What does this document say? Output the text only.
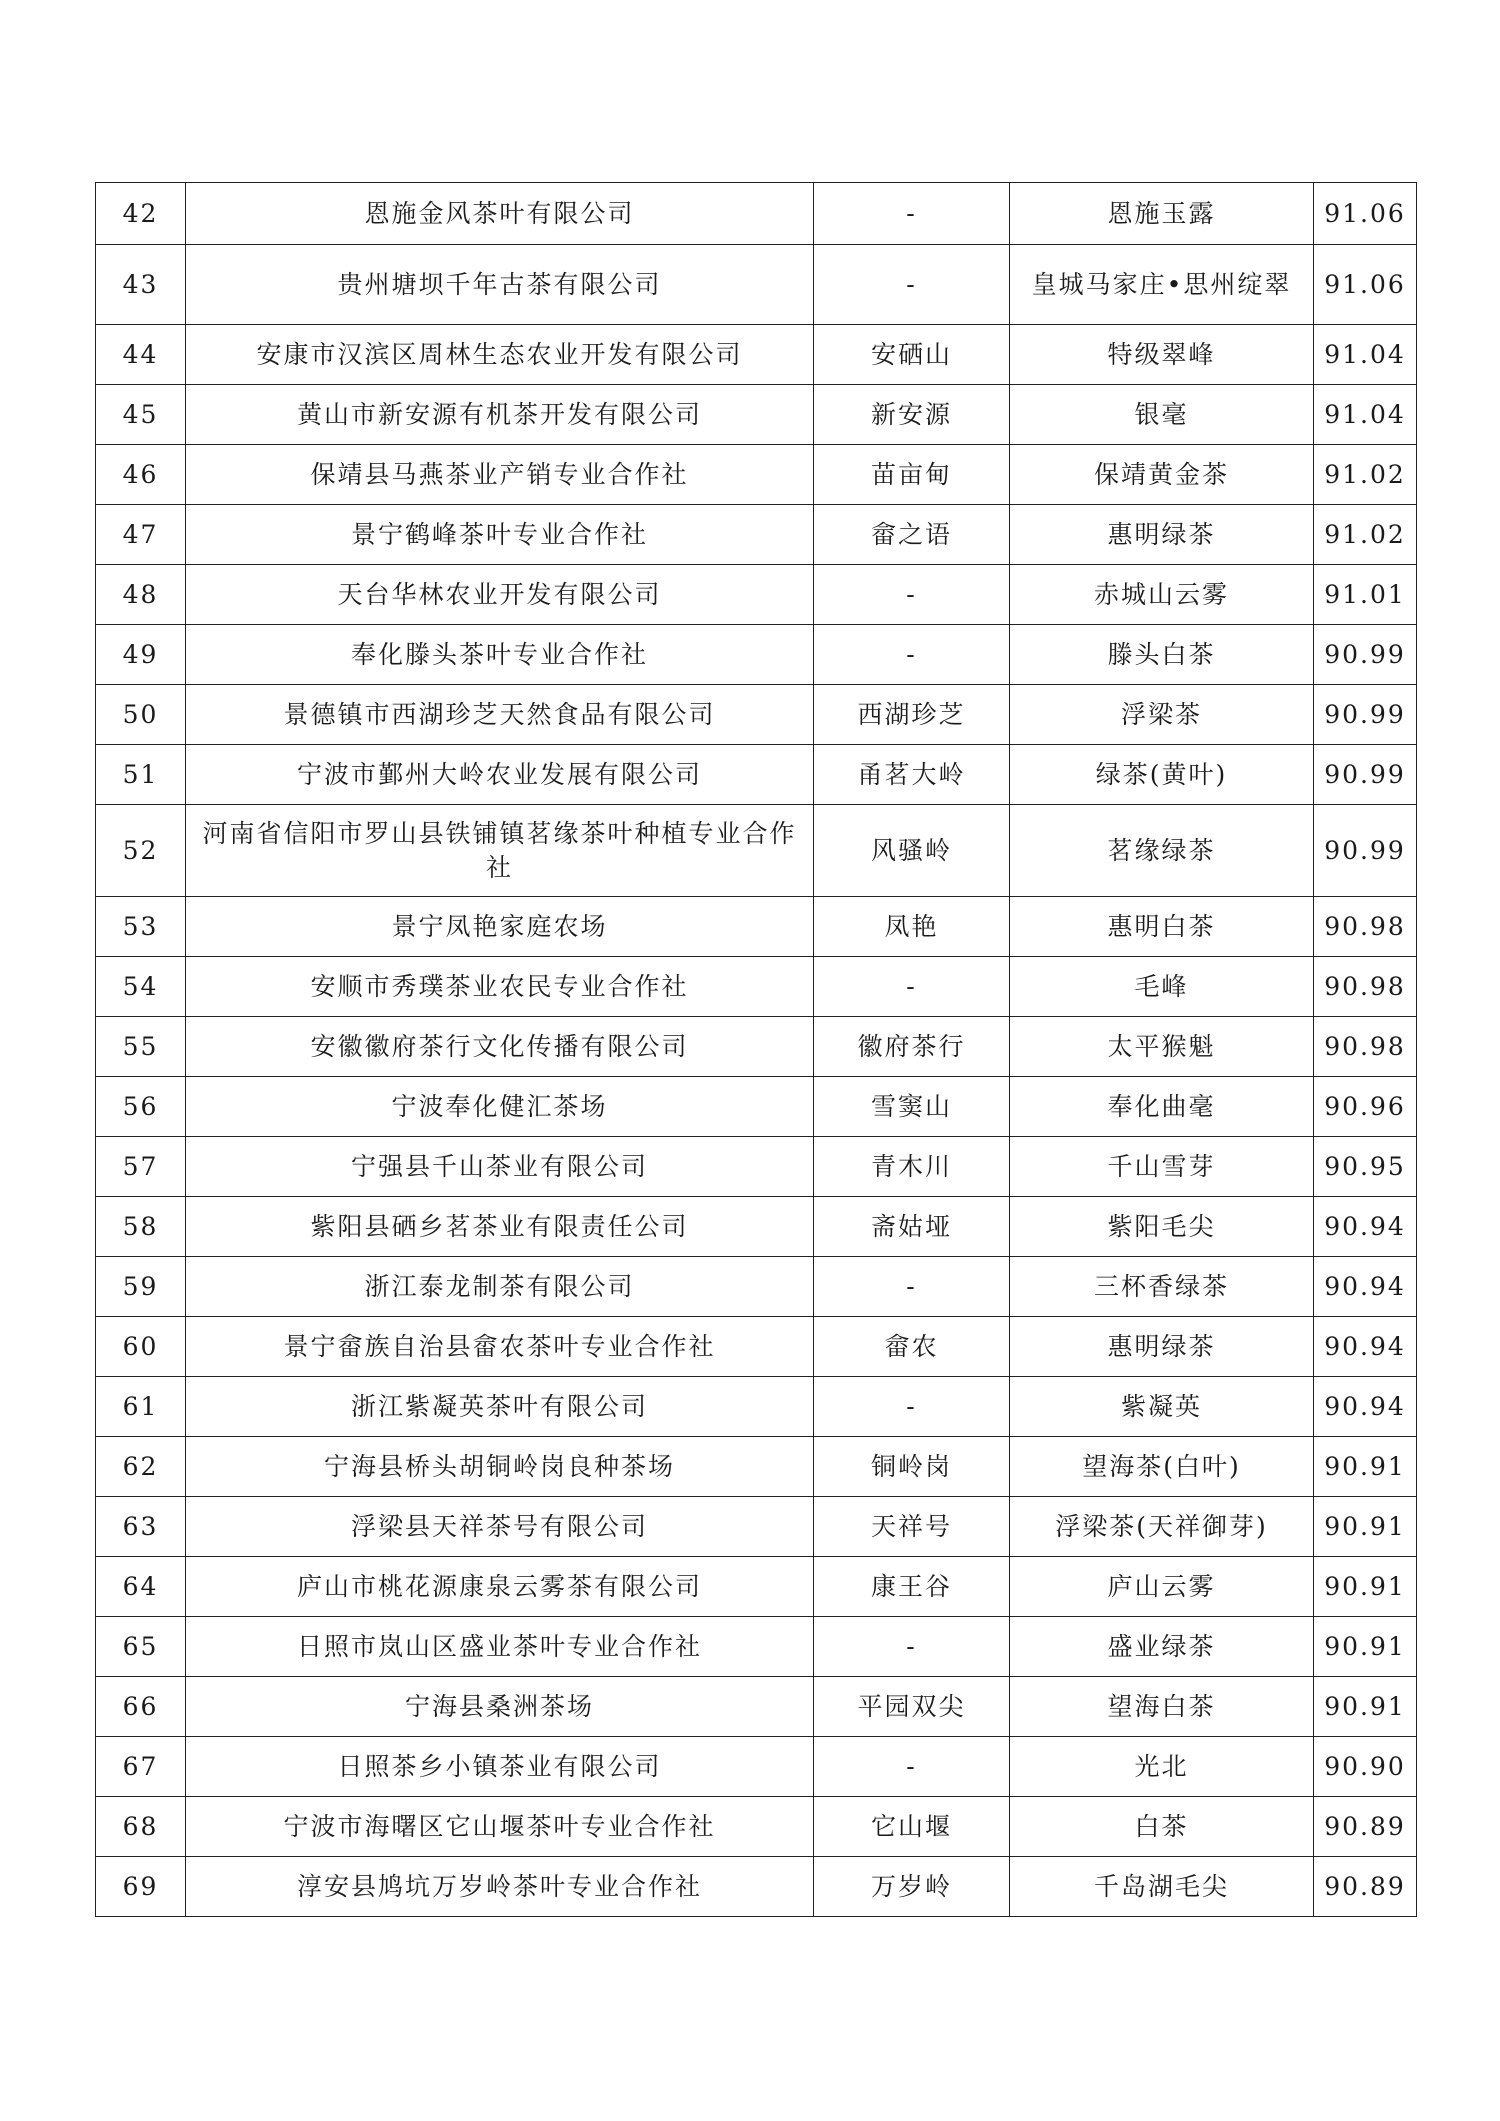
42	恩施金风茶叶有限公司	-	恩施玉露	91.06
43	贵州塘坝千年古茶有限公司	-	皇城马家庄•思州绽翠	91.06
44	安康市汉滨区周林生态农业开发有限公司	安硒山	特级翠峰	91.04
45	黄山市新安源有机茶开发有限公司	新安源	银毫	91.04
46	保靖县马燕茶业产销专业合作社	苗亩甸	保靖黄金茶	91.02
47	景宁鹤峰茶叶专业合作社	畲之语	惠明绿茶	91.02
48	天台华林农业开发有限公司	-	赤城山云雾	91.01
49	奉化滕头茶叶专业合作社	-	滕头白茶	90.99
50	景德镇市西湖珍芝天然食品有限公司	西湖珍芝	浮梁茶	90.99
51	宁波市鄞州大岭农业发展有限公司	甬茗大岭	绿茶(黄叶)	90.99
52	河南省信阳市罗山县铁铺镇茗缘茶叶种植专业合作社	风骚岭	茗缘绿茶	90.99
53	景宁凤艳家庭农场	凤艳	惠明白茶	90.98
54	安顺市秀璞茶业农民专业合作社	-	毛峰	90.98
55	安徽徽府茶行文化传播有限公司	徽府茶行	太平猴魁	90.98
56	宁波奉化健汇茶场	雪窦山	奉化曲毫	90.96
57	宁强县千山茶业有限公司	青木川	千山雪芽	90.95
58	紫阳县硒乡茗茶业有限责任公司	斋姑垭	紫阳毛尖	90.94
59	浙江泰龙制茶有限公司	-	三杯香绿茶	90.94
60	景宁畲族自治县畲农茶叶专业合作社	畲农	惠明绿茶	90.94
61	浙江紫凝英茶叶有限公司	-	紫凝英	90.94
62	宁海县桥头胡铜岭岗良种茶场	铜岭岗	望海茶(白叶)	90.91
63	浮梁县天祥茶号有限公司	天祥号	浮梁茶(天祥御芽)	90.91
64	庐山市桃花源康泉云雾茶有限公司	康王谷	庐山云雾	90.91
65	日照市岚山区盛业茶叶专业合作社	-	盛业绿茶	90.91
66	宁海县桑洲茶场	平园双尖	望海白茶	90.91
67	日照茶乡小镇茶业有限公司	-	光北	90.90
68	宁波市海曙区它山堰茶叶专业合作社	它山堰	白茶	90.89
69	淳安县鸠坑万岁岭茶叶专业合作社	万岁岭	千岛湖毛尖	90.89
